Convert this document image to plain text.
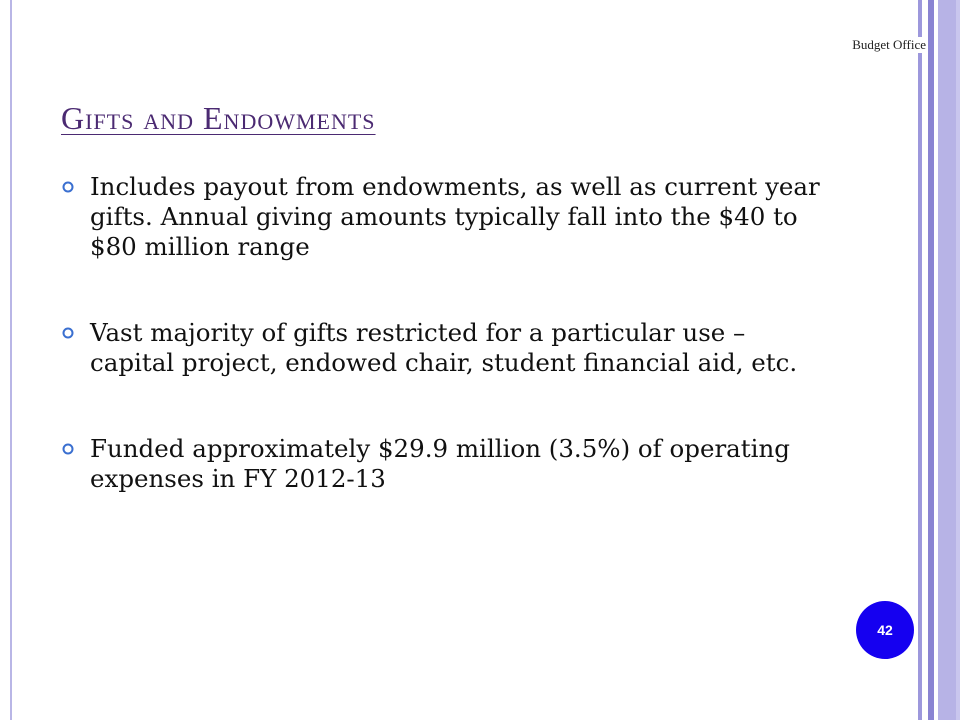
Budget Office
Gifts and Endowments
Includes payout from endowments, as well as current year gifts. Annual giving amounts typically fall into the $40 to $80 million range
Vast majority of gifts restricted for a particular use – capital project, endowed chair, student financial aid, etc.
Funded approximately $29.9 million (3.5%) of operating expenses in FY 2012-13
42
